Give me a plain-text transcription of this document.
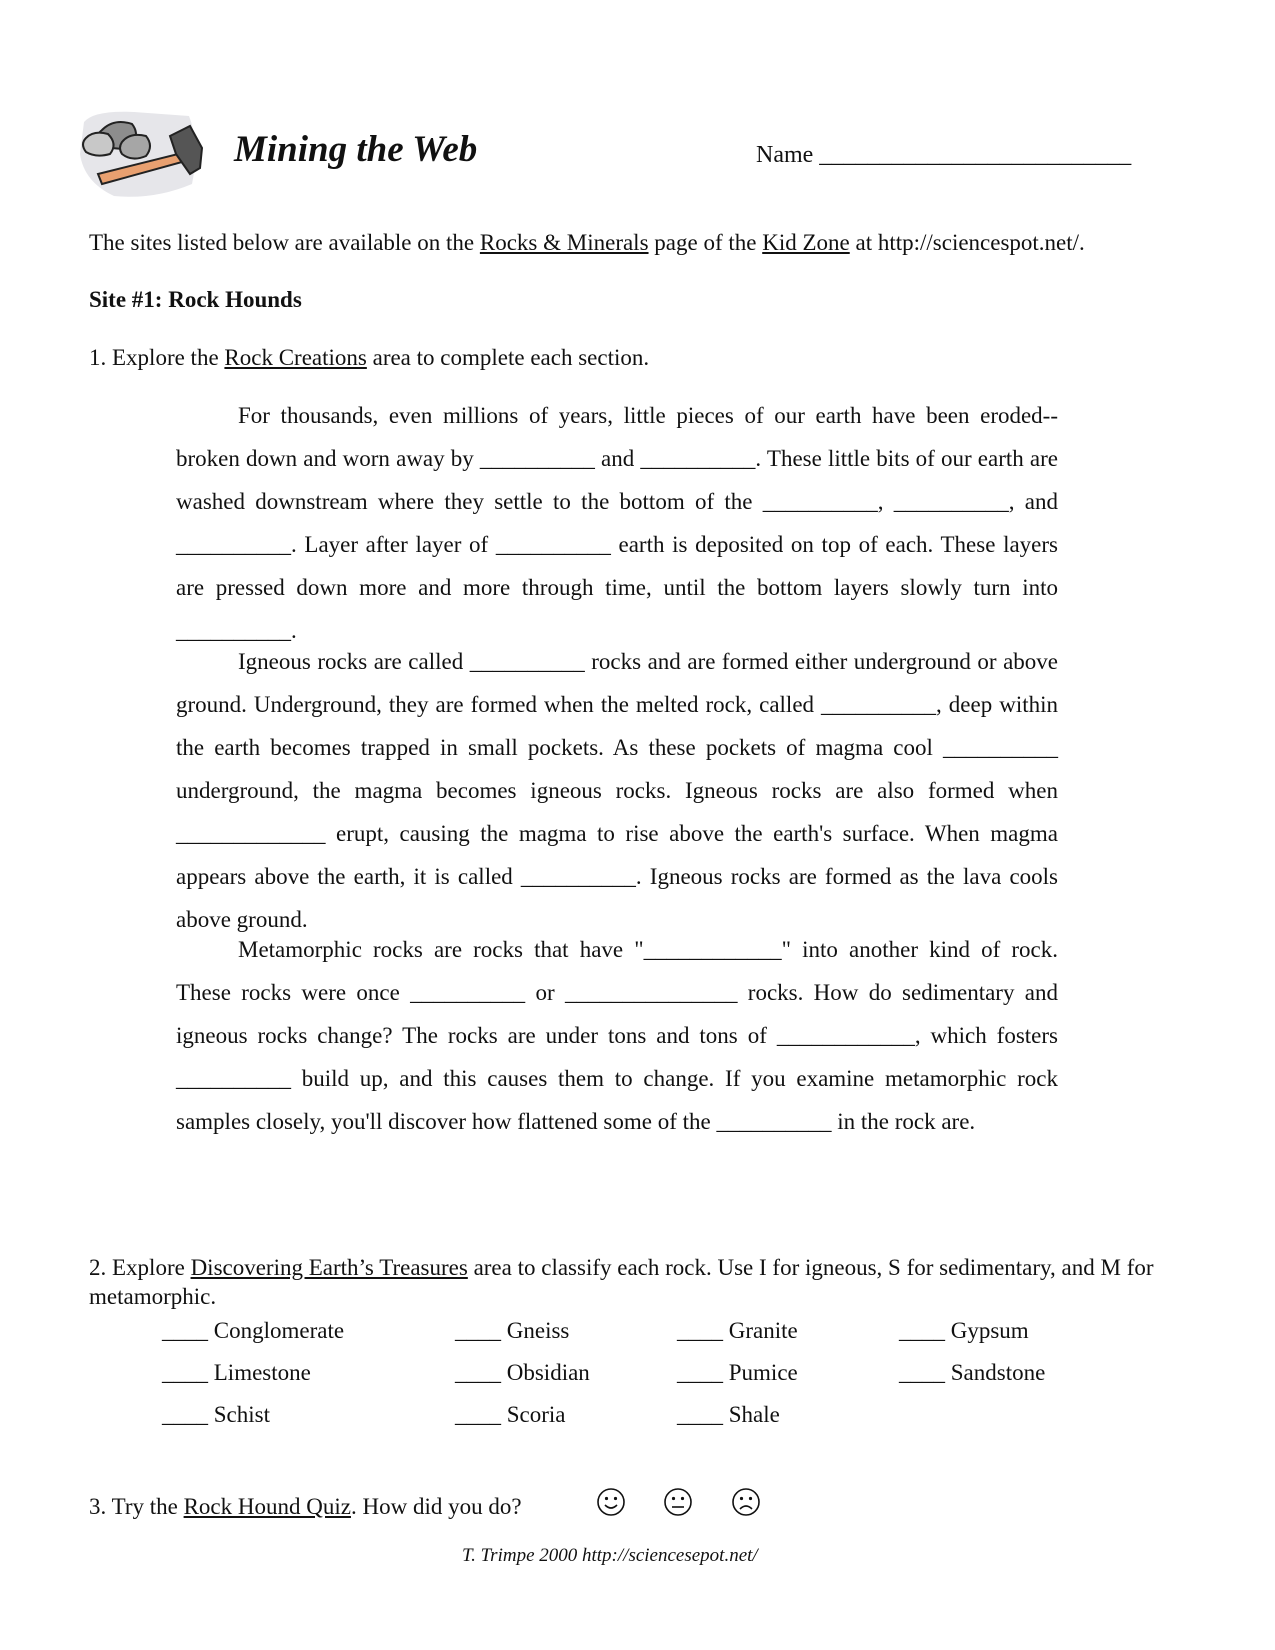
Mining the Web	Name __________________________
The sites listed below are available on the Rocks & Minerals page of the Kid Zone at http://sciencespot.net/.
Site #1: Rock Hounds
1. Explore the Rock Creations area to complete each section.

For thousands, even millions of years, little pieces of our earth have been eroded--broken down and worn away by __________ and __________. These little bits of our earth are washed downstream where they settle to the bottom of the __________, __________, and __________. Layer after layer of __________ earth is deposited on top of each. These layers are pressed down more and more through time, until the bottom layers slowly turn into __________.

Igneous rocks are called __________ rocks and are formed either underground or above ground. Underground, they are formed when the melted rock, called __________, deep within the earth becomes trapped in small pockets. As these pockets of magma cool __________ underground, the magma becomes igneous rocks. Igneous rocks are also formed when _____________ erupt, causing the magma to rise above the earth's surface. When magma appears above the earth, it is called __________. Igneous rocks are formed as the lava cools above ground.

Metamorphic rocks are rocks that have "____________" into another kind of rock. These rocks were once __________ or _______________ rocks. How do sedimentary and igneous rocks change? The rocks are under tons and tons of ____________, which fosters __________ build up, and this causes them to change. If you examine metamorphic rock samples closely, you'll discover how flattened some of the __________ in the rock are.

2. Explore Discovering Earth’s Treasures area to classify each rock. Use I for igneous, S for sedimentary, and M for metamorphic.
____ Conglomerate	____ Gneiss	____ Granite	____ Gypsum
____ Limestone	____ Obsidian	____ Pumice	____ Sandstone
____ Schist	____ Scoria	____ Shale
3. Try the Rock Hound Quiz. How did you do?
T. Trimpe 2000 http://sciencesepot.net/
